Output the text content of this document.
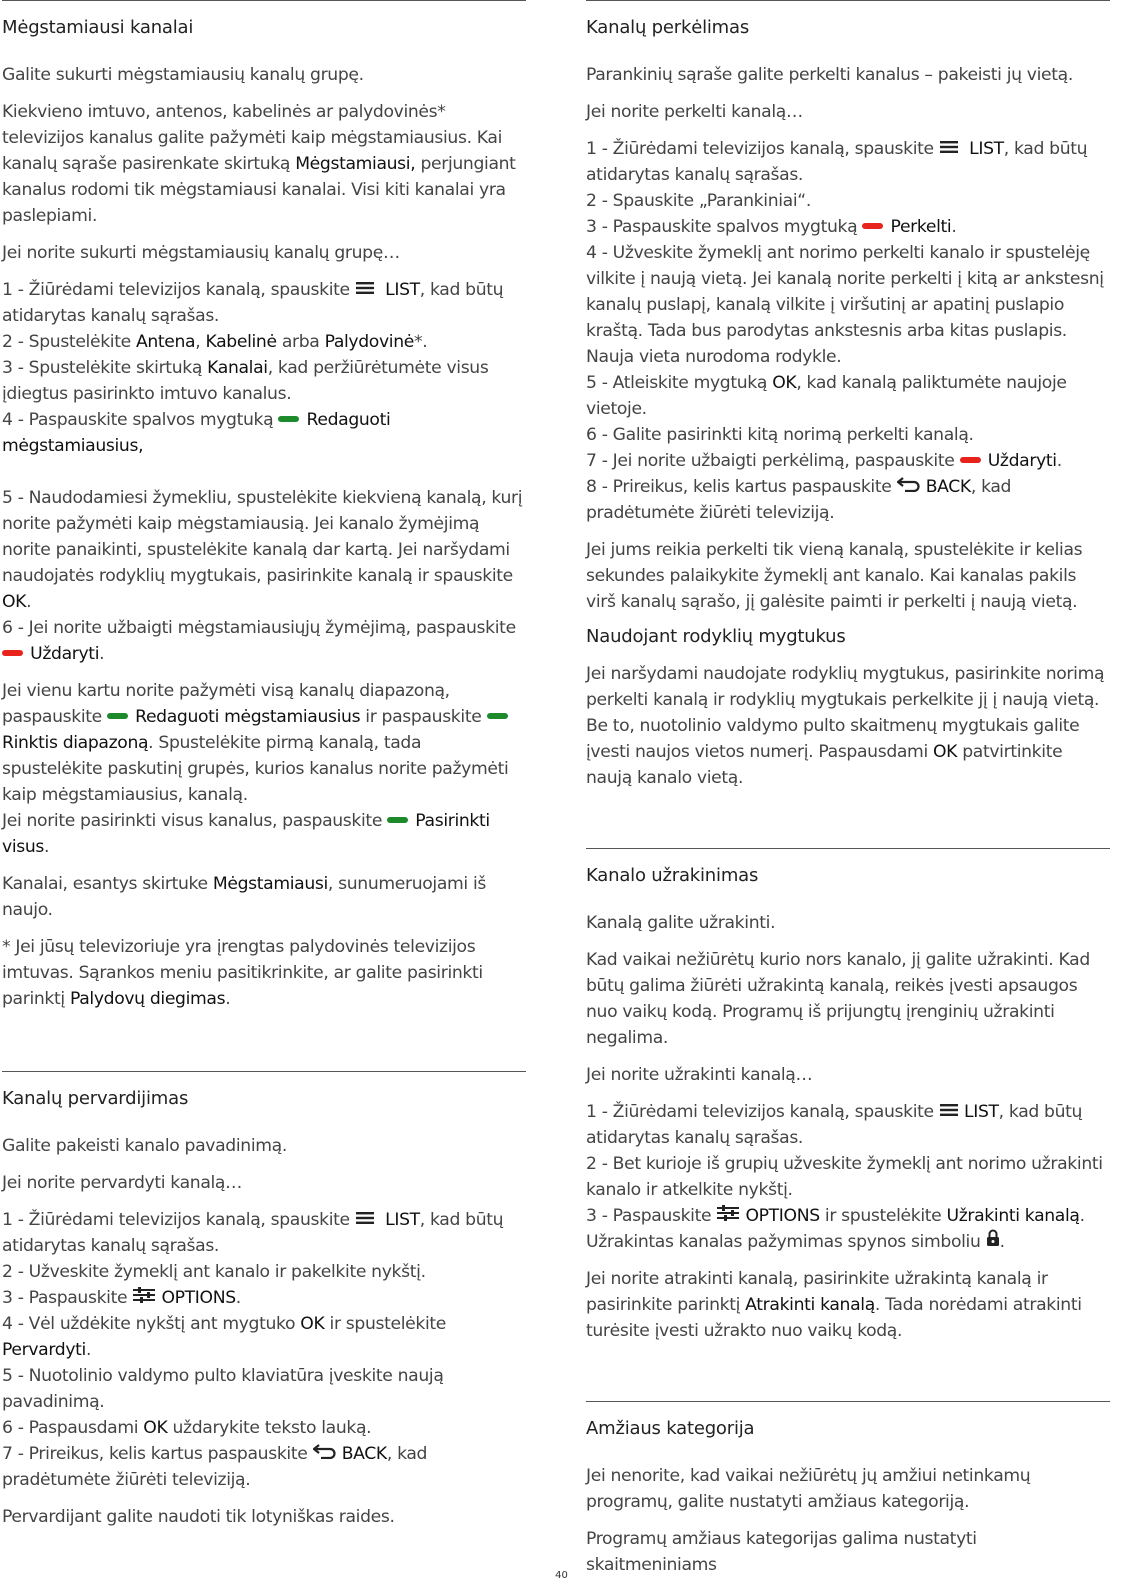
Mėgstamiausi kanalai

Galite sukurti mėgstamiausių kanalų grupę.

Kiekvieno imtuvo, antenos, kabelinės ar palydovinės* televizijos kanalus galite pažymėti kaip mėgstamiausius. Kai kanalų sąraše pasirenkate skirtuką Mėgstamiausi, perjungiant kanalus rodomi tik mėgstamiausi kanalai. Visi kiti kanalai yra paslepiami.

Jei norite sukurti mėgstamiausių kanalų grupę…

1 - Žiūrėdami televizijos kanalą, spauskite   LIST, kad būtų atidarytas kanalų sąrašas.
2 - Spustelėkite Antena, Kabelinė arba Palydovinė*.
3 - Spustelėkite skirtuką Kanalai, kad peržiūrėtumėte visus įdiegtus pasirinkto imtuvo kanalus.
4 - Paspauskite spalvos mygtuką  Redaguoti mėgstamiausius,

5 - Naudodamiesi žymekliu, spustelėkite kiekvieną kanalą, kurį norite pažymėti kaip mėgstamiausią. Jei kanalo žymėjimą norite panaikinti, spustelėkite kanalą dar kartą. Jei naršydami naudojatės rodyklių mygtukais, pasirinkite kanalą ir spauskite OK.
6 - Jei norite užbaigti mėgstamiausiųjų žymėjimą, paspauskite  Uždaryti.

Jei vienu kartu norite pažymėti visą kanalų diapazoną, paspauskite  Redaguoti mėgstamiausius ir paspauskite  Rinktis diapazoną. Spustelėkite pirmą kanalą, tada spustelėkite paskutinį grupės, kurios kanalus norite pažymėti kaip mėgstamiausius, kanalą.
Jei norite pasirinkti visus kanalus, paspauskite  Pasirinkti visus.

Kanalai, esantys skirtuke Mėgstamiausi, sunumeruojami iš naujo.

* Jei jūsų televizoriuje yra įrengtas palydovinės televizijos imtuvas. Sąrankos meniu pasitikrinkite, ar galite pasirinkti parinktį Palydovų diegimas.

Kanalų pervardijimas

Galite pakeisti kanalo pavadinimą.

Jei norite pervardyti kanalą…

1 - Žiūrėdami televizijos kanalą, spauskite   LIST, kad būtų atidarytas kanalų sąrašas.
2 - Užveskite žymeklį ant kanalo ir pakelkite nykštį.
3 - Paspauskite  OPTIONS.
4 - Vėl uždėkite nykštį ant mygtuko OK ir spustelėkite Pervardyti.
5 - Nuotolinio valdymo pulto klaviatūra įveskite naują pavadinimą.
6 - Paspausdami OK uždarykite teksto lauką.
7 - Prireikus, kelis kartus paspauskite  BACK, kad pradėtumėte žiūrėti televiziją.

Pervardijant galite naudoti tik lotyniškas raides.

Kanalų perkėlimas

Parankinių sąraše galite perkelti kanalus – pakeisti jų vietą.

Jei norite perkelti kanalą…

1 - Žiūrėdami televizijos kanalą, spauskite   LIST, kad būtų atidarytas kanalų sąrašas.
2 - Spauskite „Parankiniai“.
3 - Paspauskite spalvos mygtuką  Perkelti.
4 - Užveskite žymeklį ant norimo perkelti kanalo ir spustelėję vilkite į naują vietą. Jei kanalą norite perkelti į kitą ar ankstesnį kanalų puslapį, kanalą vilkite į viršutinį ar apatinį puslapio kraštą. Tada bus parodytas ankstesnis arba kitas puslapis. Nauja vieta nurodoma rodykle.
5 - Atleiskite mygtuką OK, kad kanalą paliktumėte naujoje vietoje.
6 - Galite pasirinkti kitą norimą perkelti kanalą.
7 - Jei norite užbaigti perkėlimą, paspauskite  Uždaryti.
8 - Prireikus, kelis kartus paspauskite  BACK, kad pradėtumėte žiūrėti televiziją.

Jei jums reikia perkelti tik vieną kanalą, spustelėkite ir kelias sekundes palaikykite žymeklį ant kanalo. Kai kanalas pakils virš kanalų sąrašo, jį galėsite paimti ir perkelti į naują vietą.

Naudojant rodyklių mygtukus

Jei naršydami naudojate rodyklių mygtukus, pasirinkite norimą perkelti kanalą ir rodyklių mygtukais perkelkite jį į naują vietą. Be to, nuotolinio valdymo pulto skaitmenų mygtukais galite įvesti naujos vietos numerį. Paspausdami OK patvirtinkite naują kanalo vietą.

Kanalo užrakinimas

Kanalą galite užrakinti.

Kad vaikai nežiūrėtų kurio nors kanalo, jį galite užrakinti. Kad būtų galima žiūrėti užrakintą kanalą, reikės įvesti apsaugos nuo vaikų kodą. Programų iš prijungtų įrenginių užrakinti negalima.

Jei norite užrakinti kanalą…

1 - Žiūrėdami televizijos kanalą, spauskite  LIST, kad būtų atidarytas kanalų sąrašas.
2 - Bet kurioje iš grupių užveskite žymeklį ant norimo užrakinti kanalo ir atkelkite nykštį.
3 - Paspauskite  OPTIONS ir spustelėkite Užrakinti kanalą.
Užrakintas kanalas pažymimas spynos simboliu .

Jei norite atrakinti kanalą, pasirinkite užrakintą kanalą ir pasirinkite parinktį Atrakinti kanalą. Tada norėdami atrakinti turėsite įvesti užrakto nuo vaikų kodą.

Amžiaus kategorija

Jei nenorite, kad vaikai nežiūrėtų jų amžiui netinkamų programų, galite nustatyti amžiaus kategoriją.

Programų amžiaus kategorijas galima nustatyti skaitmeniniams

40
